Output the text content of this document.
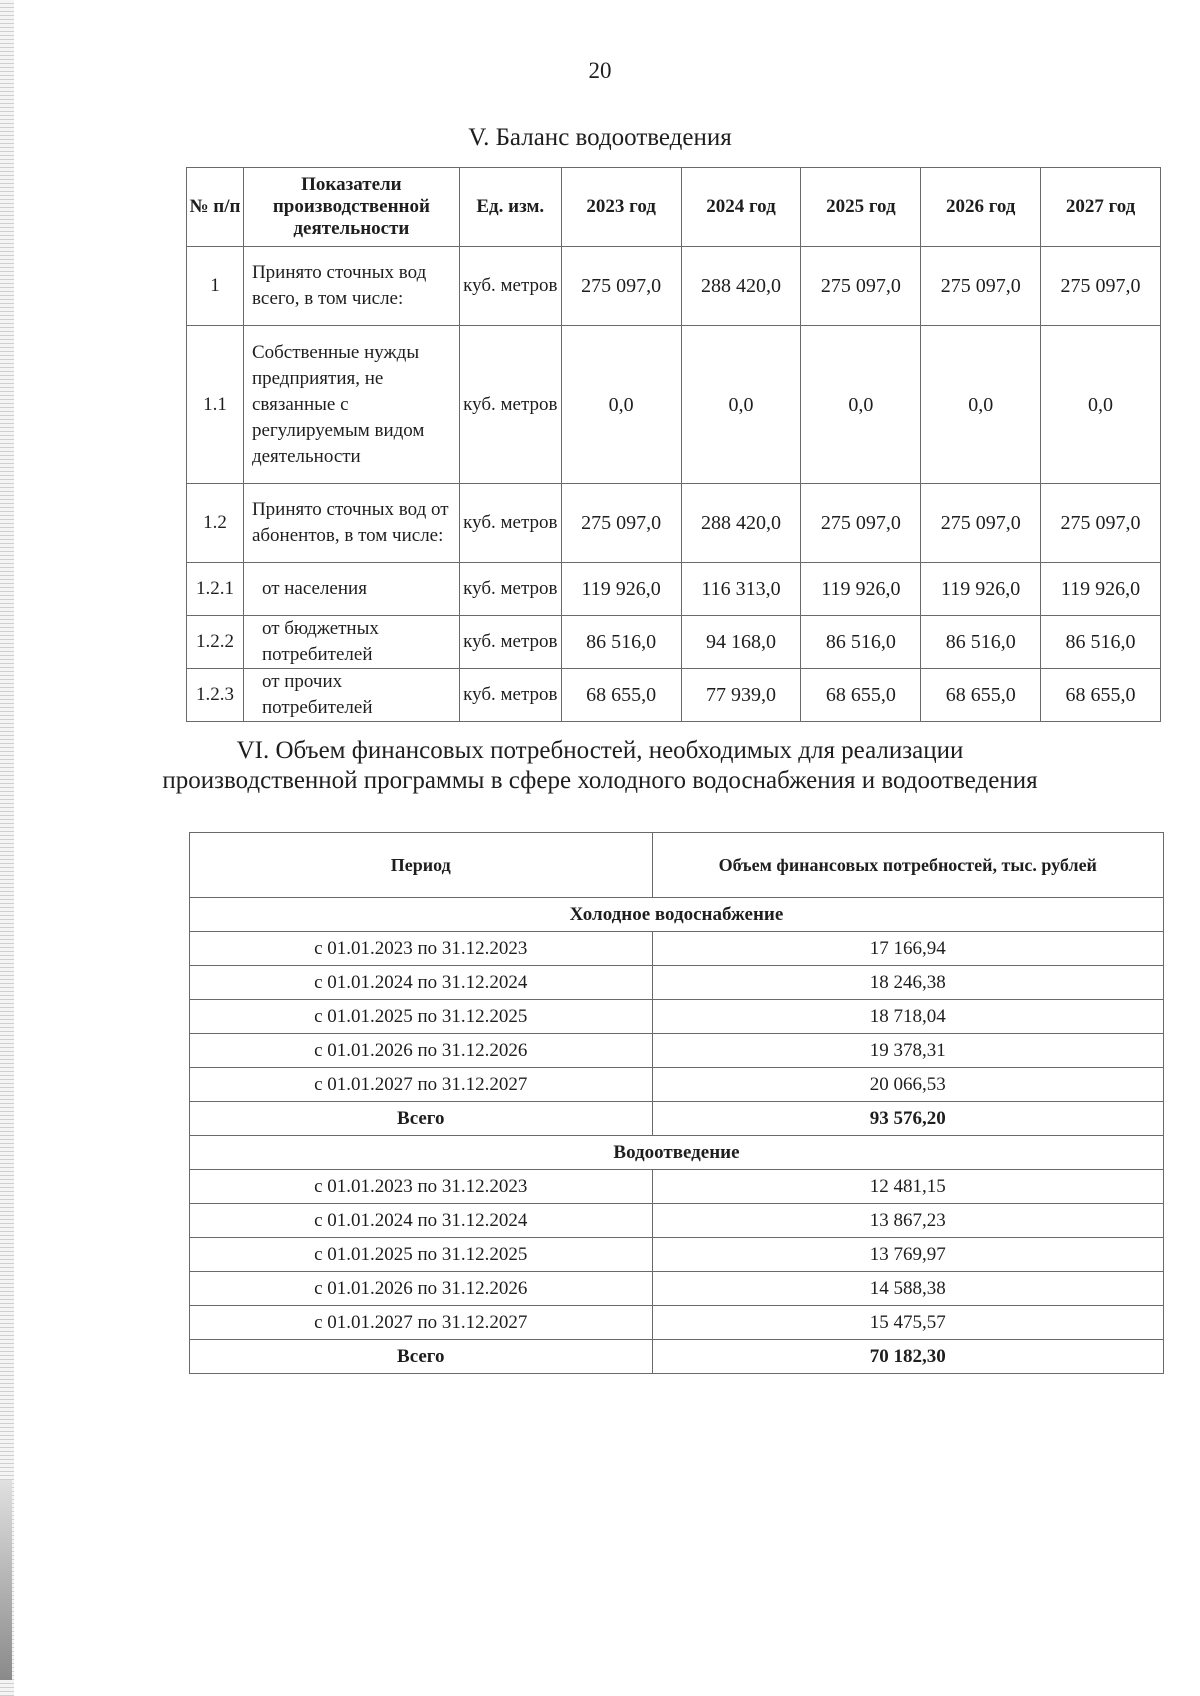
20
V. Баланс водоотведения
№ п/п	Показатели производственной деятельности	Ед. изм.	2023 год	2024 год	2025 год	2026 год	2027 год
1	Принято сточных вод всего, в том числе:	куб. метров	275 097,0	288 420,0	275 097,0	275 097,0	275 097,0
1.1	Собственные нужды предприятия, не связанные с регулируемым видом деятельности	куб. метров	0,0	0,0	0,0	0,0	0,0
1.2	Принято сточных вод от абонентов, в том числе:	куб. метров	275 097,0	288 420,0	275 097,0	275 097,0	275 097,0
1.2.1	от населения	куб. метров	119 926,0	116 313,0	119 926,0	119 926,0	119 926,0
1.2.2	от бюджетных потребителей	куб. метров	86 516,0	94 168,0	86 516,0	86 516,0	86 516,0
1.2.3	от прочих потребителей	куб. метров	68 655,0	77 939,0	68 655,0	68 655,0	68 655,0
VI. Объем финансовых потребностей, необходимых для реализации
производственной программы в сфере холодного водоснабжения и водоотведения
Период	Объем финансовых потребностей, тыс. рублей
Холодное водоснабжение	
с 01.01.2023 по 31.12.2023	17 166,94
с 01.01.2024 по 31.12.2024	18 246,38
с 01.01.2025 по 31.12.2025	18 718,04
с 01.01.2026 по 31.12.2026	19 378,31
с 01.01.2027 по 31.12.2027	20 066,53
Всего	93 576,20
Водоотведение	
с 01.01.2023 по 31.12.2023	12 481,15
с 01.01.2024 по 31.12.2024	13 867,23
с 01.01.2025 по 31.12.2025	13 769,97
с 01.01.2026 по 31.12.2026	14 588,38
с 01.01.2027 по 31.12.2027	15 475,57
Всего	70 182,30
